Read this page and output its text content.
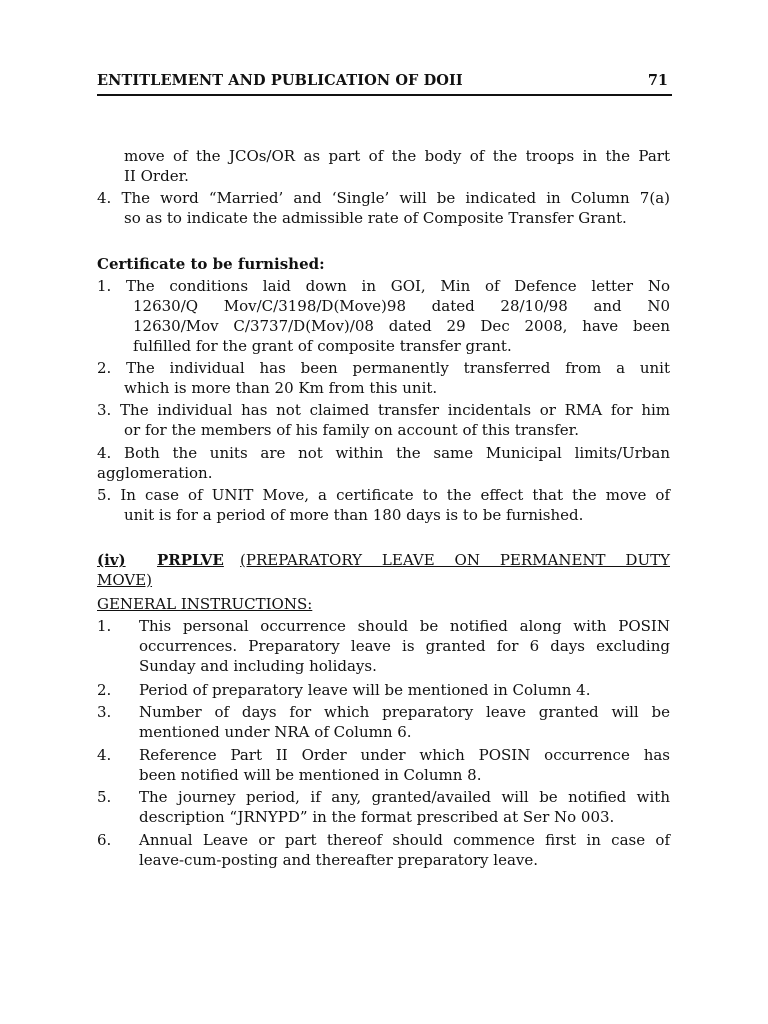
ENTITLEMENT AND PUBLICATION OF DOII	71
move of the JCOs/OR as part of the body of the troops in the Part
II Order.
4. The word “Married’ and ‘Single’ will be indicated in Column 7(a)
so as to indicate the admissible rate of Composite Transfer Grant.
Certificate to be furnished:
1. The conditions laid down in GOI, Min of Defence letter No
12630/Q Mov/C/3198/D(Move)98 dated 28/10/98 and N0
12630/Mov C/3737/D(Mov)/08 dated 29 Dec 2008, have been
fulfilled for the grant of composite transfer grant.
2. The individual has been permanently transferred from a unit
which is more than 20 Km from this unit.
3. The individual has not claimed transfer incidentals or RMA for him
or for the members of his family on account of this transfer.
4. Both the units are not within the same Municipal limits/Urban
agglomeration.
5. In case of UNIT Move, a certificate to the effect that the move of
unit is for a period of more than 180 days is to be furnished.
(iv) PRPLVE (PREPARATORY LEAVE ON PERMANENT DUTY
MOVE)
GENERAL INSTRUCTIONS:
1. This personal occurrence should be notified along with POSIN
occurrences. Preparatory leave is granted for 6 days excluding
Sunday and including holidays.
2. Period of preparatory leave will be mentioned in Column 4.
3. Number of days for which preparatory leave granted will be
mentioned under NRA of Column 6.
4. Reference Part II Order under which POSIN occurrence has
been notified will be mentioned in Column 8.
5. The journey period, if any, granted/availed will be notified with
description “JRNYPD” in the format prescribed at Ser No 003.
6. Annual Leave or part thereof should commence first in case of
leave-cum-posting and thereafter preparatory leave.
